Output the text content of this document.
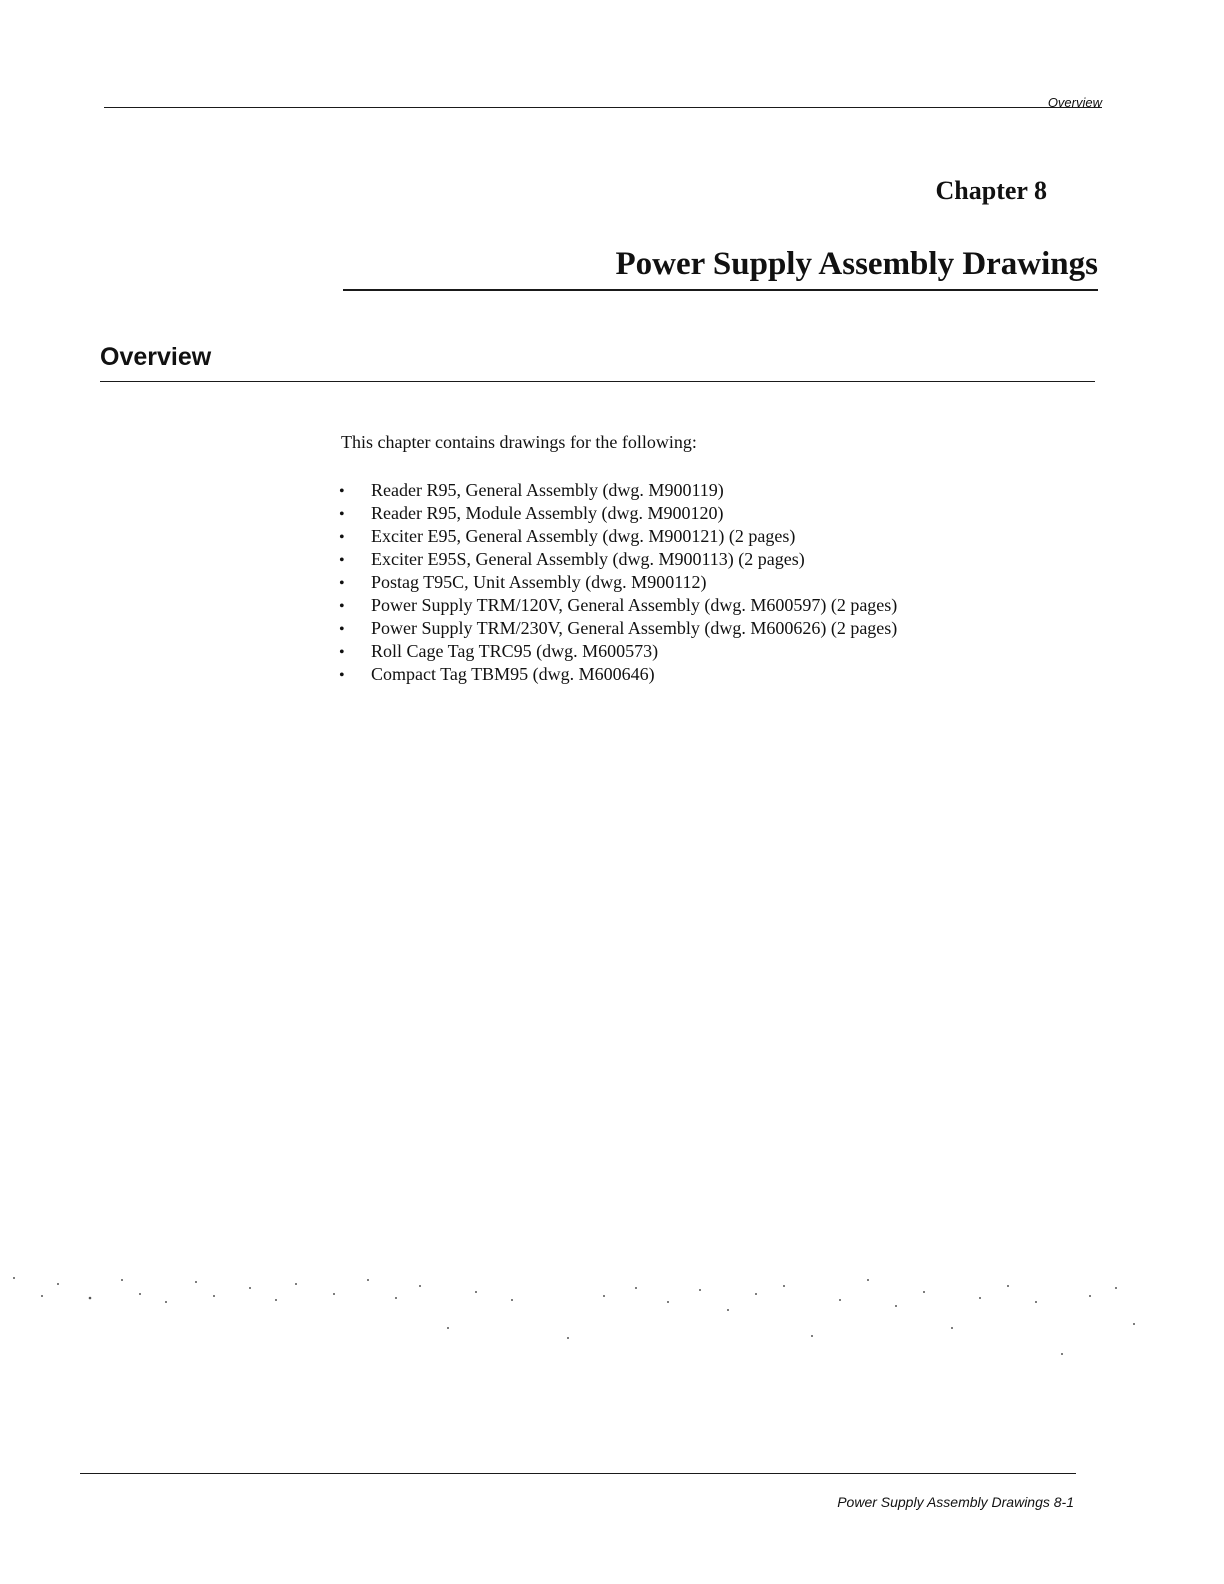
Overview
Chapter 8
Power Supply Assembly Drawings
Overview
This chapter contains drawings for the following:
• Reader R95, General Assembly (dwg. M900119)
• Reader R95, Module Assembly (dwg. M900120)
• Exciter E95, General Assembly (dwg. M900121) (2 pages)
• Exciter E95S, General Assembly (dwg. M900113) (2 pages)
• Postag T95C, Unit Assembly (dwg. M900112)
• Power Supply TRM/120V, General Assembly (dwg. M600597) (2 pages)
• Power Supply TRM/230V, General Assembly (dwg. M600626) (2 pages)
• Roll Cage Tag TRC95 (dwg. M600573)
• Compact Tag TBM95 (dwg. M600646)
Power Supply Assembly Drawings 8-1
